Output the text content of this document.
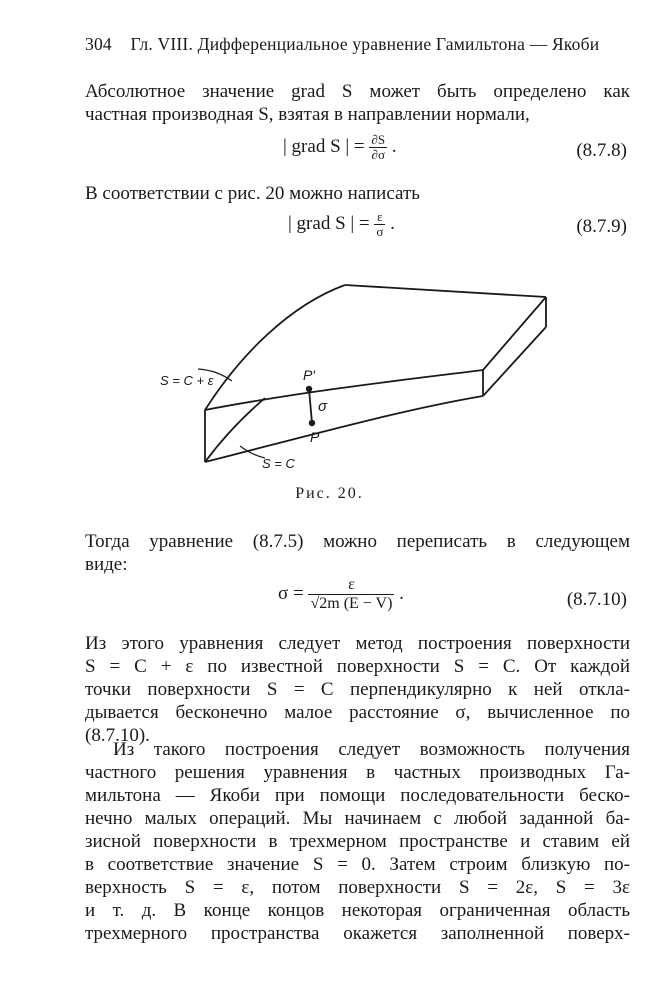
304 Гл. VIII. Дифференциальное уравнение Гамильтона — Якоби
Абсолютное значение grad S может быть определено как
частная производная S, взятая в направлении нормали,
| grad S | = $\frac{\partial S}{\partial\sigma}$ .	(8.7.8)
В соответствии с рис. 20 можно написать
| grad S | = $\frac{\varepsilon}{\sigma}$ .	(8.7.9)
S = C + ε
S = C
P′
P
σ
Рис. 20.
Тогда уравнение (8.7.5) можно переписать в следующем
виде:
$\sigma = \frac{\varepsilon}{√2m (E - V)}$ .	(8.7.10)
Из этого уравнения следует метод построения поверхности
S = C + ε по известной поверхности S = C. От каждой
точки поверхности S = C перпендикулярно к ней откла-
дывается бесконечно малое расстояние σ, вычисленное по
(8.7.10).
Из такого построения следует возможность получения
частного решения уравнения в частных производных Га-
мильтона — Якоби при помощи последовательности беско-
нечно малых операций. Мы начинаем с любой заданной ба-
зисной поверхности в трехмерном пространстве и ставим ей
в соответствие значение S = 0. Затем строим близкую по-
верхность S = ε, потом поверхности S = 2ε, S = 3ε
и т. д. В конце концов некоторая ограниченная область
трехмерного пространства окажется заполненной поверх-
